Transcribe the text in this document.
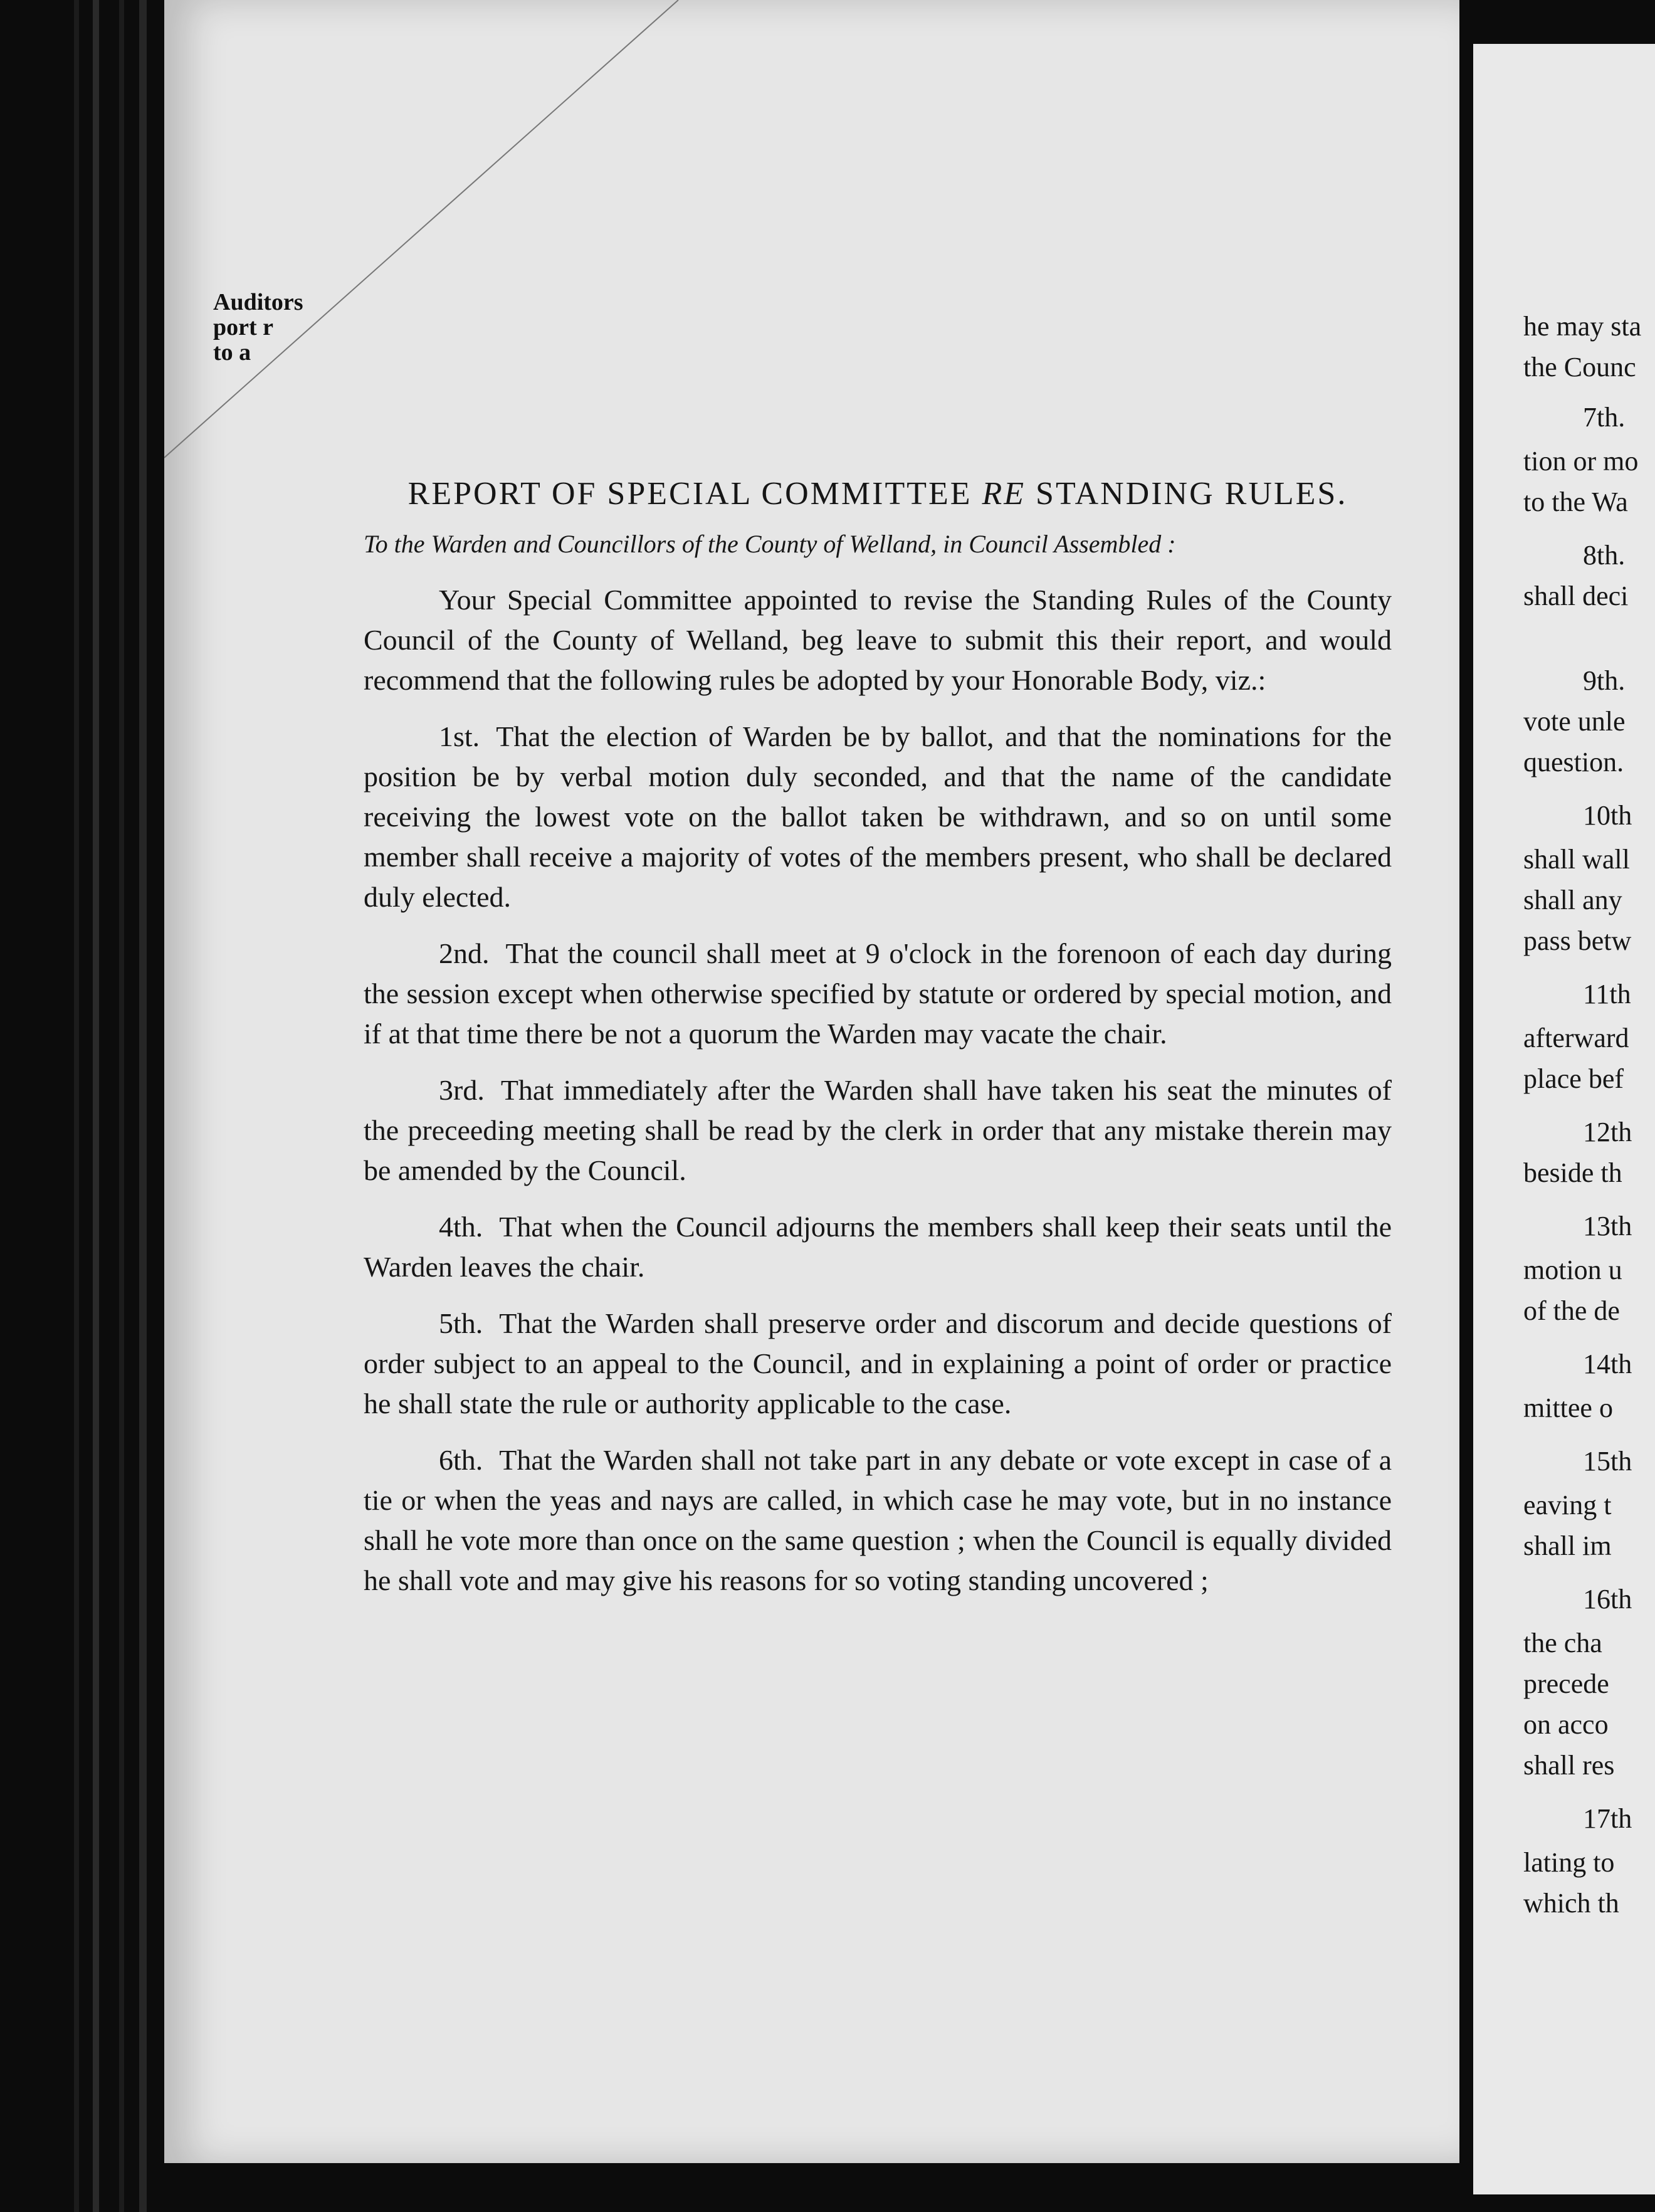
Auditors
port r
to a

REPORT OF SPECIAL COMMITTEE RE STANDING RULES.

To the Warden and Councillors of the County of Welland, in Council Assembled :

Your Special Committee appointed to revise the Standing Rules of the County Council of the County of Welland, beg leave to submit this their report, and would recommend that the following rules be adopted by your Honorable Body, viz.:

1st. That the election of Warden be by ballot, and that the nominations for the position be by verbal motion duly seconded, and that the name of the candidate receiving the lowest vote on the ballot taken be withdrawn, and so on until some member shall receive a majority of votes of the members present, who shall be declared duly elected.

2nd. That the council shall meet at 9 o'clock in the forenoon of each day during the session except when otherwise specified by statute or ordered by special motion, and if at that time there be not a quorum the Warden may vacate the chair.

3rd. That immediately after the Warden shall have taken his seat the minutes of the preceeding meeting shall be read by the clerk in order that any mistake therein may be amended by the Council.

4th. That when the Council adjourns the members shall keep their seats until the Warden leaves the chair.

5th. That the Warden shall preserve order and discorum and decide questions of order subject to an appeal to the Council, and in explaining a point of order or practice he shall state the rule or authority applicable to the case.

6th. That the Warden shall not take part in any debate or vote except in case of a tie or when the yeas and nays are called, in which case he may vote, but in no instance shall he vote more than once on the same question ; when the Council is equally divided he shall vote and may give his reasons for so voting standing uncovered ;

he may sta
the Counc
7th.
tion or mo
to the Wa
8th.
shall deci
9th.
vote unle
question.
10th
shall wall
shall any
pass betw
11th
afterward
place bef
12th
beside th
13th
motion u
of the de
14th
mittee o
15th
eaving t
shall im
16th
the cha
precede
on acco
shall res
17th
lating to
which th
